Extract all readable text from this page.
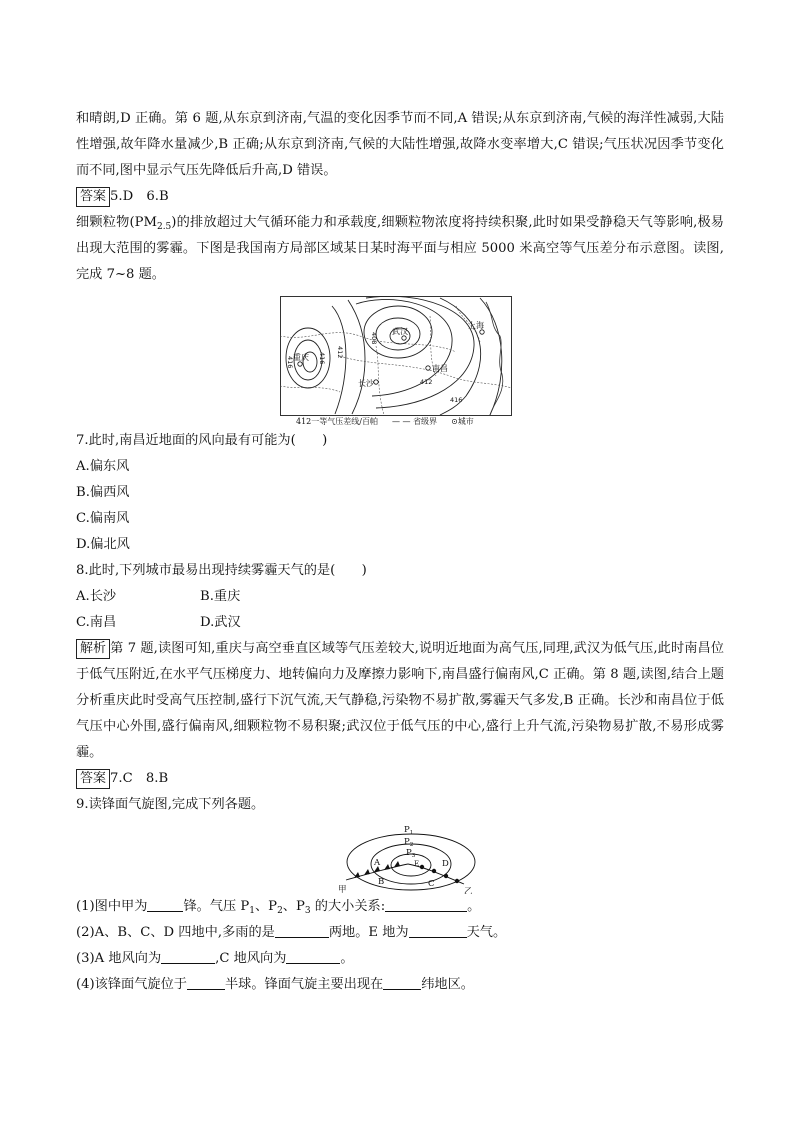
和晴朗,D 正确。第 6 题,从东京到济南,气温的变化因季节而不同,A 错误;从东京到济南,气候的海洋性减弱,大陆性增强,故年降水量减少,B 正确;从东京到济南,气候的大陆性增强,故降水变率增大,C 错误;气压状况因季节变化而不同,图中显示气压先降低后升高,D 错误。

答案 5.D　6.B

细颗粒物$(PM_{2.5})$的排放超过大气循环能力和承载度,细颗粒物浓度将持续积聚,此时如果受静稳天气等影响,极易出现大范围的雾霾。下图是我国南方局部区域某日某时海平面与相应 5000 米高空等气压差分布示意图。读图,完成 7~8 题。

武汉
上海
重庆
长沙
南昌
412
416
408
412
416
416
412一等气压差线/百帕 — — 省级界 ⊙城市

7.此时,南昌近地面的风向最有可能为(　　)

A.偏东风

B.偏西风

C.偏南风

D.偏北风

8.此时,下列城市最易出现持续雾霾天气的是(　　)

A.长沙	B.重庆
C.南昌	D.武汉

解析 第 7 题,读图可知,重庆与高空垂直区域等气压差较大,说明近地面为高气压,同理,武汉为低气压,此时南昌位于低气压附近,在水平气压梯度力、地转偏向力及摩擦力影响下,南昌盛行偏南风,C 正确。第 8 题,读图,结合上题分析重庆此时受高气压控制,盛行下沉气流,天气静稳,污染物不易扩散,雾霾天气多发,B 正确。长沙和南昌位于低气压中心外围,盛行偏南风,细颗粒物不易积聚;武汉位于低气压的中心,盛行上升气流,污染物易扩散,不易形成雾霾。

答案 7.C　8.B

9.读锋面气旋图,完成下列各题。

$P_1$
$P_2$
$P_3$
A
B	C
D
E
甲	乙

(1)图中甲为	锋。气压 $P_1$、$P_2$、$P_3$ 的大小关系:	。

(2)A、B、C、D 四地中,多雨的是	两地。E 地为	天气。

(3)A 地风向为	,C 地风向为	。

(4)该锋面气旋位于	半球。锋面气旋主要出现在	纬地区。
